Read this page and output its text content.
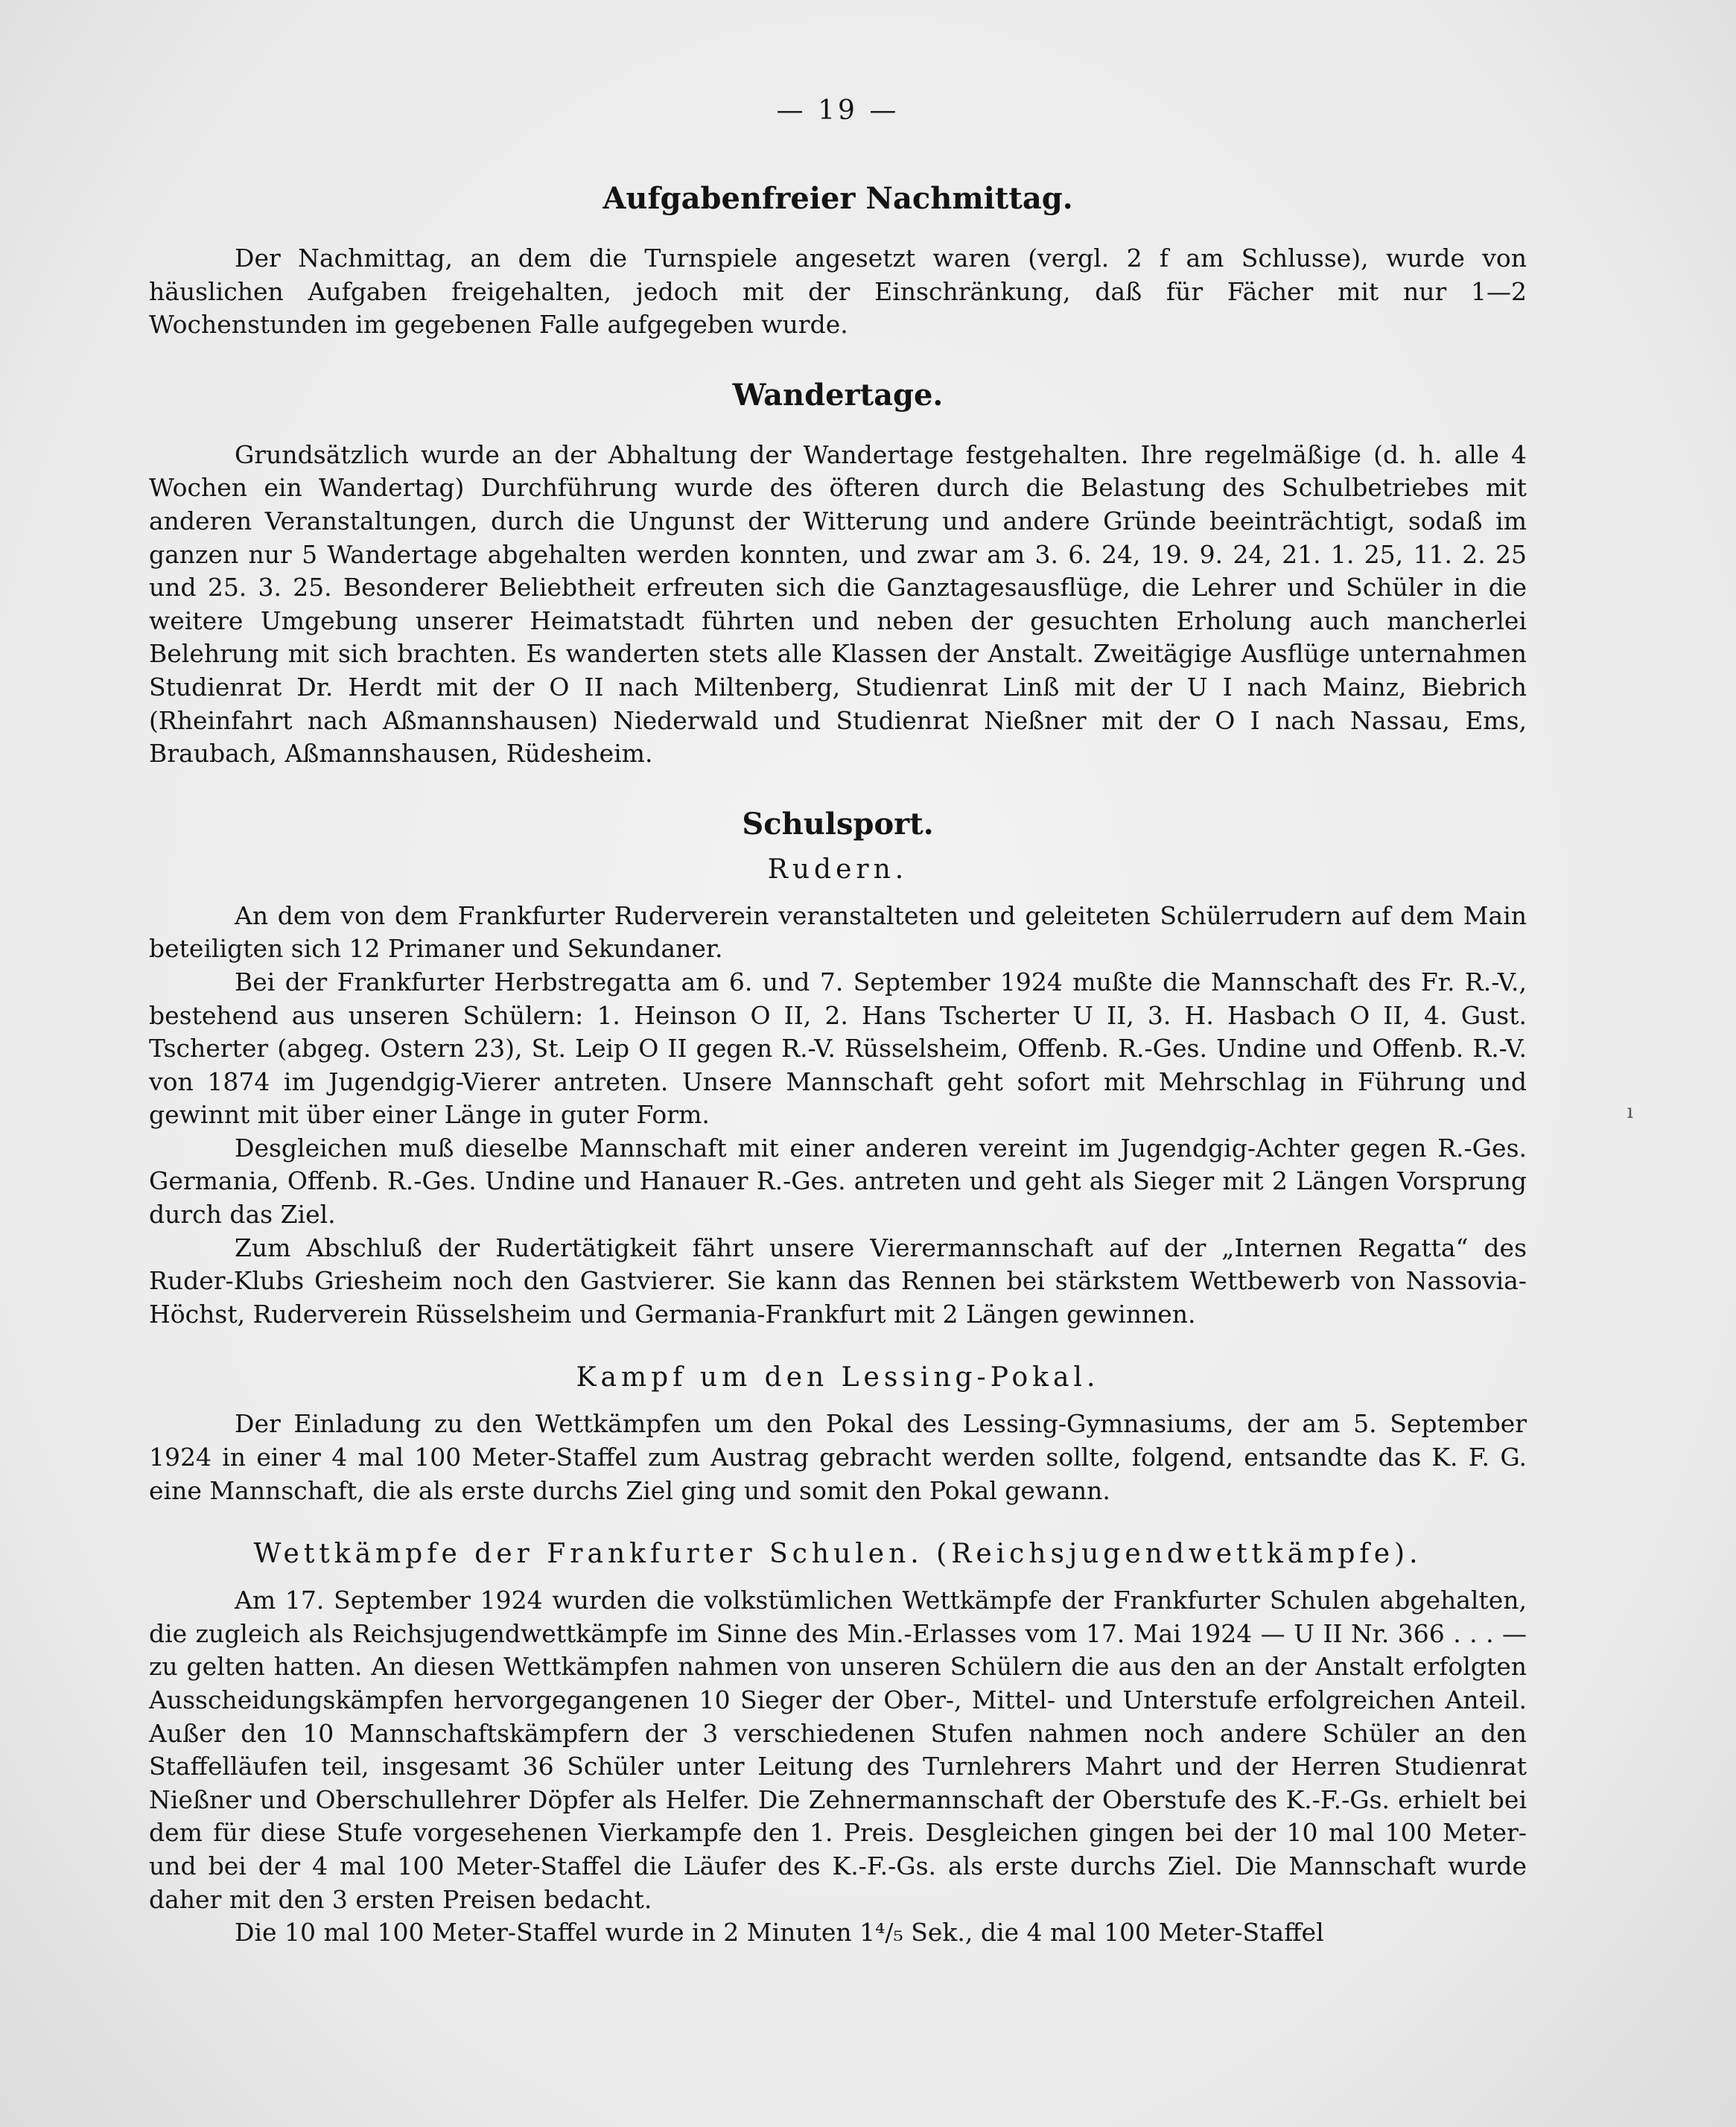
— 19 —
Aufgabenfreier Nachmittag.

Der Nachmittag, an dem die Turnspiele angesetzt waren (vergl. 2 f am Schlusse), wurde von häuslichen Aufgaben freigehalten, jedoch mit der Einschränkung, daß für Fächer mit nur 1—2 Wochenstunden im gegebenen Falle aufgegeben wurde.

Wandertage.

Grundsätzlich wurde an der Abhaltung der Wandertage festgehalten. Ihre regelmäßige (d. h. alle 4 Wochen ein Wandertag) Durchführung wurde des öfteren durch die Belastung des Schulbetriebes mit anderen Veranstaltungen, durch die Ungunst der Witterung und andere Gründe beeinträchtigt, sodaß im ganzen nur 5 Wandertage abgehalten werden konnten, und zwar am 3. 6. 24, 19. 9. 24, 21. 1. 25, 11. 2. 25 und 25. 3. 25. Besonderer Beliebtheit erfreuten sich die Ganztagesausflüge, die Lehrer und Schüler in die weitere Umgebung unserer Heimatstadt führten und neben der gesuchten Erholung auch mancherlei Belehrung mit sich brachten. Es wanderten stets alle Klassen der Anstalt. Zweitägige Ausflüge unternahmen Studienrat Dr. Herdt mit der O II nach Miltenberg, Studienrat Linß mit der U I nach Mainz, Biebrich (Rheinfahrt nach Aßmannshausen) Niederwald und Studienrat Nießner mit der O I nach Nassau, Ems, Braubach, Aßmannshausen, Rüdesheim.

Schulsport.
Rudern.

An dem von dem Frankfurter Ruderverein veranstalteten und geleiteten Schülerrudern auf dem Main beteiligten sich 12 Primaner und Sekundaner.

Bei der Frankfurter Herbstregatta am 6. und 7. September 1924 mußte die Mannschaft des Fr. R.-V., bestehend aus unseren Schülern: 1. Heinson O II, 2. Hans Tscherter U II, 3. H. Hasbach O II, 4. Gust. Tscherter (abgeg. Ostern 23), St. Leip O II gegen R.-V. Rüsselsheim, Offenb. R.-Ges. Undine und Offenb. R.-V. von 1874 im Jugendgig-Vierer antreten. Unsere Mannschaft geht sofort mit Mehrschlag in Führung und gewinnt mit über einer Länge in guter Form.

Desgleichen muß dieselbe Mannschaft mit einer anderen vereint im Jugendgig-Achter gegen R.-Ges. Germania, Offenb. R.-Ges. Undine und Hanauer R.-Ges. antreten und geht als Sieger mit 2 Längen Vorsprung durch das Ziel.

Zum Abschluß der Rudertätigkeit fährt unsere Vierermannschaft auf der „Internen Regatta“ des Ruder-Klubs Griesheim noch den Gastvierer. Sie kann das Rennen bei stärkstem Wettbewerb von Nassovia-Höchst, Ruderverein Rüsselsheim und Germania-Frankfurt mit 2 Längen gewinnen.

Kampf um den Lessing-Pokal.

Der Einladung zu den Wettkämpfen um den Pokal des Lessing-Gymnasiums, der am 5. September 1924 in einer 4 mal 100 Meter-Staffel zum Austrag gebracht werden sollte, folgend, entsandte das K. F. G. eine Mannschaft, die als erste durchs Ziel ging und somit den Pokal gewann.

Wettkämpfe der Frankfurter Schulen. (Reichsjugendwettkämpfe).

Am 17. September 1924 wurden die volkstümlichen Wettkämpfe der Frankfurter Schulen abgehalten, die zugleich als Reichsjugendwettkämpfe im Sinne des Min.-Erlasses vom 17. Mai 1924 — U II Nr. 366 . . . — zu gelten hatten. An diesen Wettkämpfen nahmen von unseren Schülern die aus den an der Anstalt erfolgten Ausscheidungskämpfen hervorgegangenen 10 Sieger der Ober-, Mittel- und Unterstufe erfolgreichen Anteil. Außer den 10 Mannschaftskämpfern der 3 verschiedenen Stufen nahmen noch andere Schüler an den Staffelläufen teil, insgesamt 36 Schüler unter Leitung des Turnlehrers Mahrt und der Herren Studienrat Nießner und Oberschullehrer Döpfer als Helfer. Die Zehnermannschaft der Oberstufe des K.-F.-Gs. erhielt bei dem für diese Stufe vorgesehenen Vierkampfe den 1. Preis. Desgleichen gingen bei der 10 mal 100 Meter- und bei der 4 mal 100 Meter-Staffel die Läufer des K.-F.-Gs. als erste durchs Ziel. Die Mannschaft wurde daher mit den 3 ersten Preisen bedacht.

Die 10 mal 100 Meter-Staffel wurde in 2 Minuten 1⁴/₅ Sek., die 4 mal 100 Meter-Staffel

ı
